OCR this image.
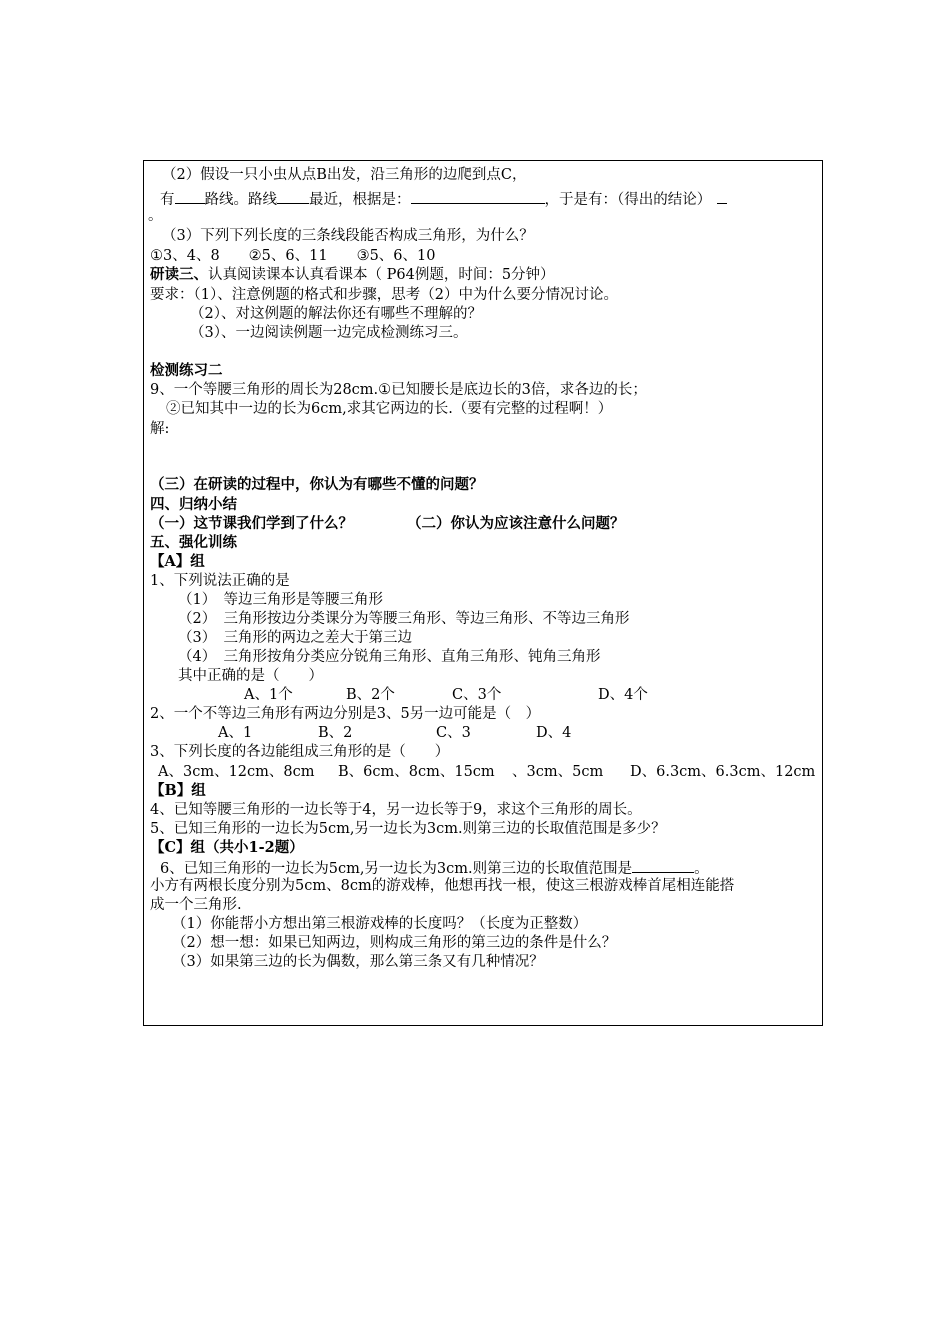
（2）假设一只小虫从点B出发，沿三角形的边爬到点C，
有 路线。路线 最近，根据是：	，于是有：（得出的结论）
。
（3）下列下列长度的三条线段能否构成三角形，为什么？
①3、4、8　　②5、6、11　　③5、6、10
研读三、认真阅读课本认真看课本（ P64例题，时间：5分钟）
要求：（1）、注意例题的格式和步骤，思考（2）中为什么要分情况讨论。
（2）、对这例题的解法你还有哪些不理解的？
（3）、一边阅读例题一边完成检测练习三。
检测练习二
9、一个等腰三角形的周长为28cm.①已知腰长是底边长的3倍，求各边的长；
②已知其中一边的长为6cm,求其它两边的长.（要有完整的过程啊！）
解:
（三）在研读的过程中，你认为有哪些不懂的问题？
四、归纳小结
（一）这节课我们学到了什么？	（二）你认为应该注意什么问题？
五、强化训练
【A】组
1、下列说法正确的是
（1）　等边三角形是等腰三角形
（2）　三角形按边分类课分为等腰三角形、等边三角形、不等边三角形
（3）　三角形的两边之差大于第三边
（4）　三角形按角分类应分锐角三角形、直角三角形、钝角三角形
其中正确的是（　　）
A、1个	B、2个	C、3个	D、4个
2、一个不等边三角形有两边分别是3、5另一边可能是（　）
A、1	B、2	C、3	D、4
3、下列长度的各边能组成三角形的是（　　）
A、3cm、12cm、8cm B、6cm、8cm、15cm 、3cm、5cm D、6.3cm、6.3cm、12cm
【B】组
4、已知等腰三角形的一边长等于4，另一边长等于9，求这个三角形的周长。
5、已知三角形的一边长为5cm,另一边长为3cm.则第三边的长取值范围是多少？
【C】组（共小1-2题）
6、已知三角形的一边长为5cm,另一边长为3cm.则第三边的长取值范围是	。
小方有两根长度分别为5cm、8cm的游戏棒，他想再找一根，使这三根游戏棒首尾相连能搭
成一个三角形.
（1）你能帮小方想出第三根游戏棒的长度吗？（长度为正整数）
（2）想一想：如果已知两边，则构成三角形的第三边的条件是什么？
（3）如果第三边的长为偶数，那么第三条又有几种情况？
